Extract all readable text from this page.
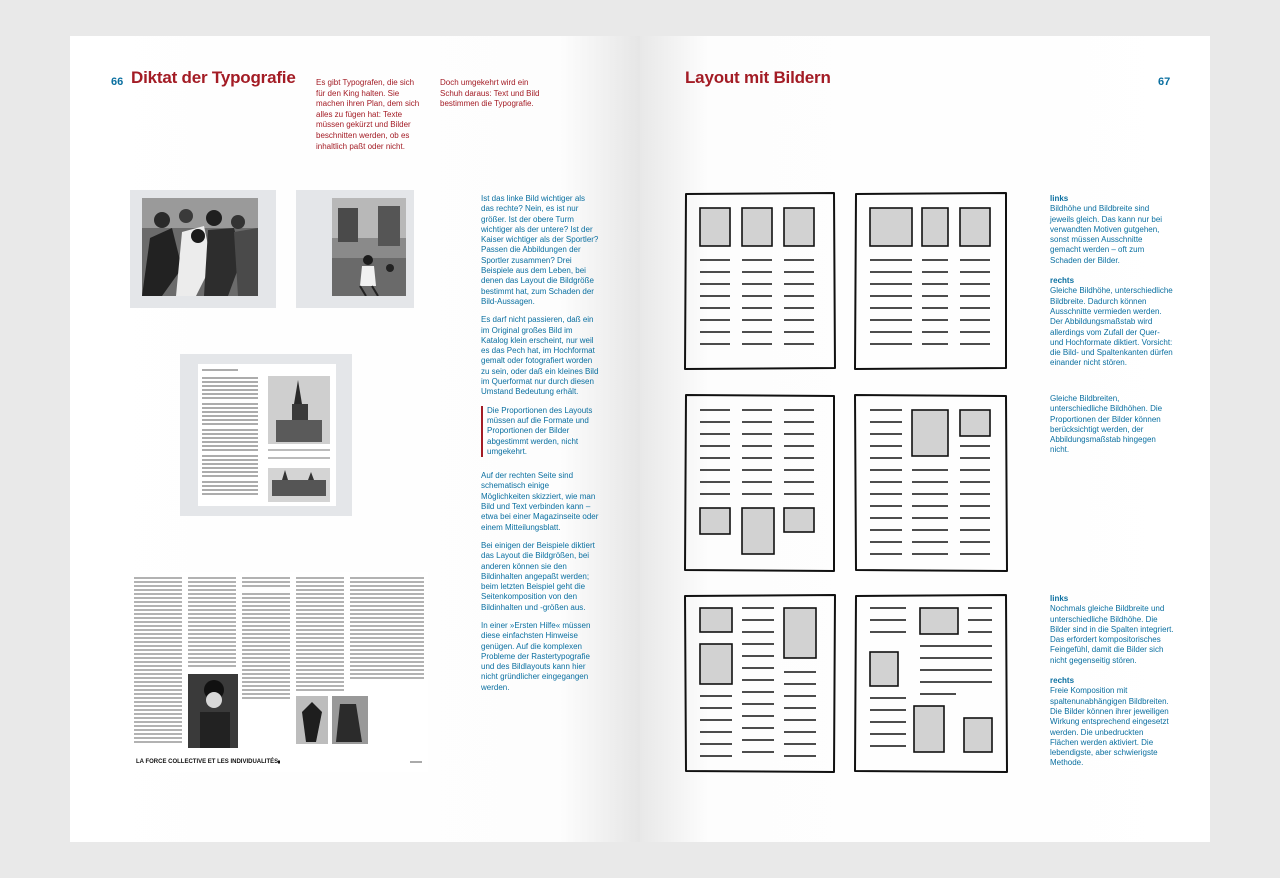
66 Diktat der Typografie	Es gibt Typografen, die sich für den King halten. Sie machen ihren Plan, dem sich alles zu fügen hat: Texte müssen gekürzt und Bilder beschnitten werden, ob es inhaltlich paßt oder nicht.
Doch umgekehrt wird ein Schuh daraus: Text und Bild bestimmen die Typografie.
LA FORCE COLLECTIVE ET LES INDIVIDUALITÉS

Ist das linke Bild wichtiger als das rechte? Nein, es ist nur größer. Ist der obere Turm wichtiger als der untere? Ist der Kaiser wichtiger als der Sportler? Passen die Abbildungen der Sportler zusammen? Drei Beispiele aus dem Leben, bei denen das Layout die Bildgröße bestimmt hat, zum Schaden der Bild-Aussagen.

Es darf nicht passieren, daß ein im Original großes Bild im Katalog klein erscheint, nur weil es das Pech hat, im Hochformat gemalt oder fotografiert worden zu sein, oder daß ein kleines Bild im Querformat nur durch diesen Umstand Bedeutung erhält.

Die Proportionen des Layouts müssen auf die Formate und Proportionen der Bilder abgestimmt werden, nicht umgekehrt.

Auf der rechten Seite sind schematisch einige Möglichkeiten skizziert, wie man Bild und Text verbinden kann – etwa bei einer Magazinseite oder einem Mitteilungsblatt.

Bei einigen der Beispiele diktiert das Layout die Bildgrößen, bei anderen können sie den Bildinhalten angepaßt werden; beim letzten Beispiel geht die Seitenkomposition von den Bildinhalten und -größen aus.

In einer »Ersten Hilfe« müssen diese einfachsten Hinweise genügen. Auf die komplexen Probleme der Rastertypografie und des Bildlayouts kann hier nicht gründlicher eingegangen werden.

Layout mit Bildern	67

links
Bildhöhe und Bildbreite sind jeweils gleich. Das kann nur bei verwandten Motiven gutgehen, sonst müssen Ausschnitte gemacht werden – oft zum Schaden der Bilder.

rechts
Gleiche Bildhöhe, unterschiedliche Bildbreite. Dadurch können Ausschnitte vermieden werden. Der Abbildungsmaßstab wird allerdings vom Zufall der Quer- und Hochformate diktiert. Vorsicht: die Bild- und Spaltenkanten dürfen einander nicht stören.

Gleiche Bildbreiten, unterschiedliche Bildhöhen. Die Proportionen der Bilder können berücksichtigt werden, der Abbildungsmaßstab hingegen nicht.

links
Nochmals gleiche Bildbreite und unterschiedliche Bildhöhe. Die Bilder sind in die Spalten integriert. Das erfordert kompositorisches Feingefühl, damit die Bilder sich nicht gegenseitig stören.

rechts
Freie Komposition mit spaltenunabhängigen Bildbreiten. Die Bilder können ihrer jeweiligen Wirkung entsprechend eingesetzt werden. Die unbedruckten Flächen werden aktiviert. Die lebendigste, aber schwierigste Methode.
